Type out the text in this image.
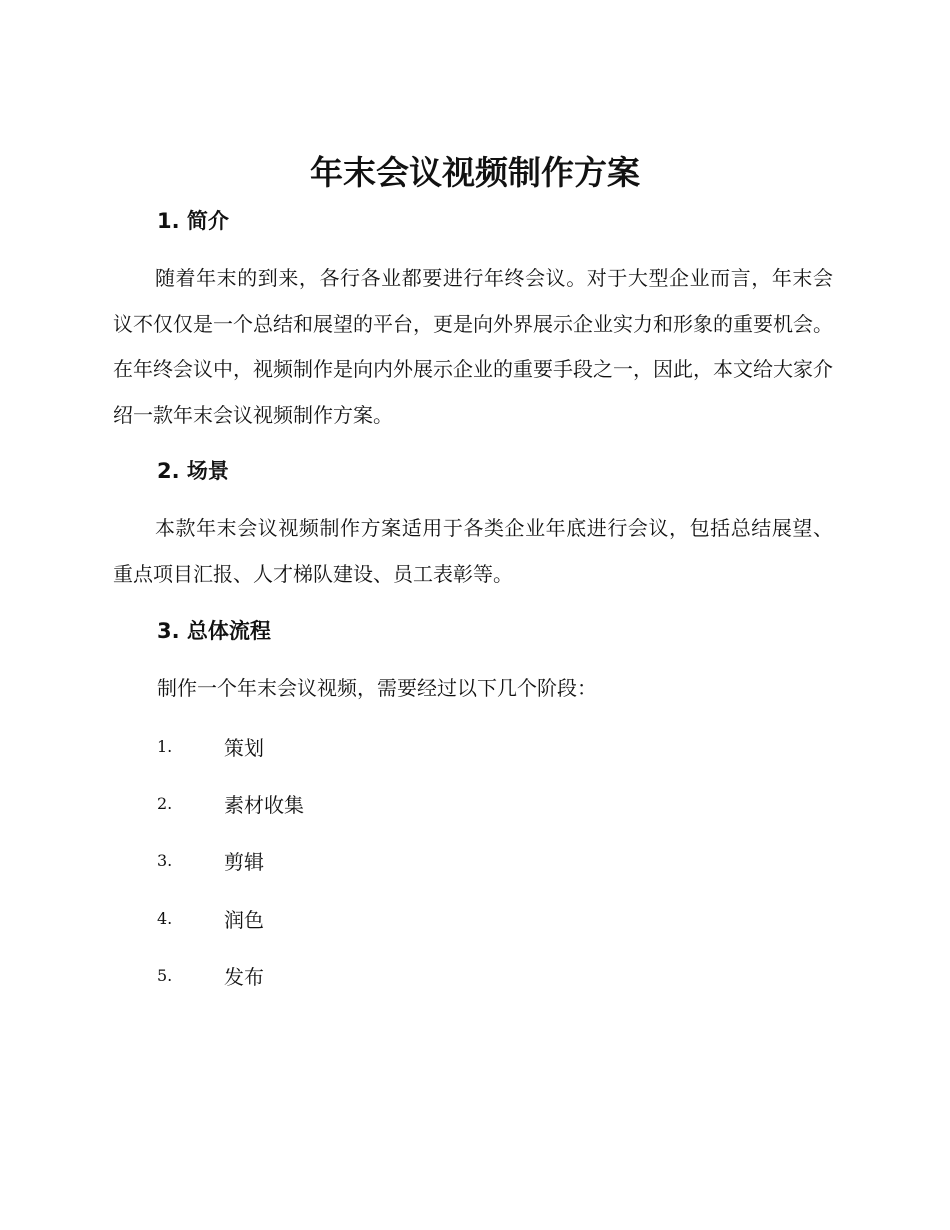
年末会议视频制作方案
1. 简介

随着年末的到来，各行各业都要进行年终会议。对于大型企业而言，年末会议不仅仅是一个总结和展望的平台，更是向外界展示企业实力和形象的重要机会。在年终会议中，视频制作是向内外展示企业的重要手段之一，因此，本文给大家介绍一款年末会议视频制作方案。

2. 场景

本款年末会议视频制作方案适用于各类企业年底进行会议，包括总结展望、重点项目汇报、人才梯队建设、员工表彰等。

3. 总体流程

制作一个年末会议视频，需要经过以下几个阶段：

1.	策划
2.	素材收集
3.	剪辑
4.	润色
5.	发布
